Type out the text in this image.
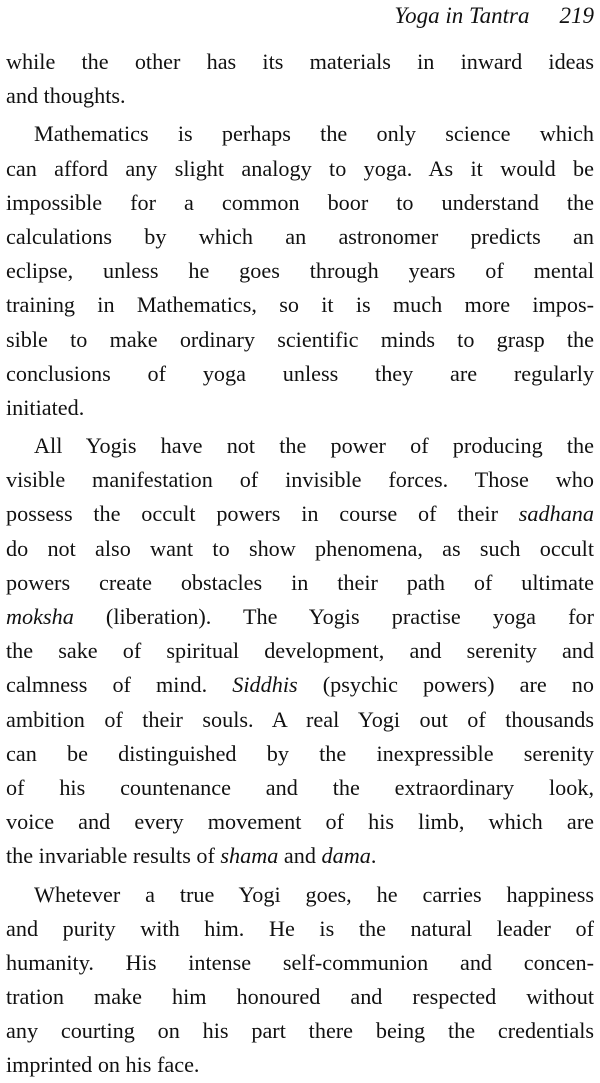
Yoga in Tantra 219

while the other has its materials in inward ideas
and thoughts.

Mathematics is perhaps the only science which
can afford any slight analogy to yoga. As it would be
impossible for a common boor to understand the
calculations by which an astronomer predicts an
eclipse, unless he goes through years of mental
training in Mathematics, so it is much more impos-
sible to make ordinary scientific minds to grasp the
conclusions of yoga unless they are regularly
initiated.

All Yogis have not the power of producing the
visible manifestation of invisible forces. Those who
possess the occult powers in course of their sadhana
do not also want to show phenomena, as such occult
powers create obstacles in their path of ultimate
moksha (liberation). The Yogis practise yoga for
the sake of spiritual development, and serenity and
calmness of mind. Siddhis (psychic powers) are no
ambition of their souls. A real Yogi out of thousands
can be distinguished by the inexpressible serenity
of his countenance and the extraordinary look,
voice and every movement of his limb, which are
the invariable results of shama and dama.

Whetever a true Yogi goes, he carries happiness
and purity with him. He is the natural leader of
humanity. His intense self-communion and concen-
tration make him honoured and respected without
any courting on his part there being the credentials
imprinted on his face.
